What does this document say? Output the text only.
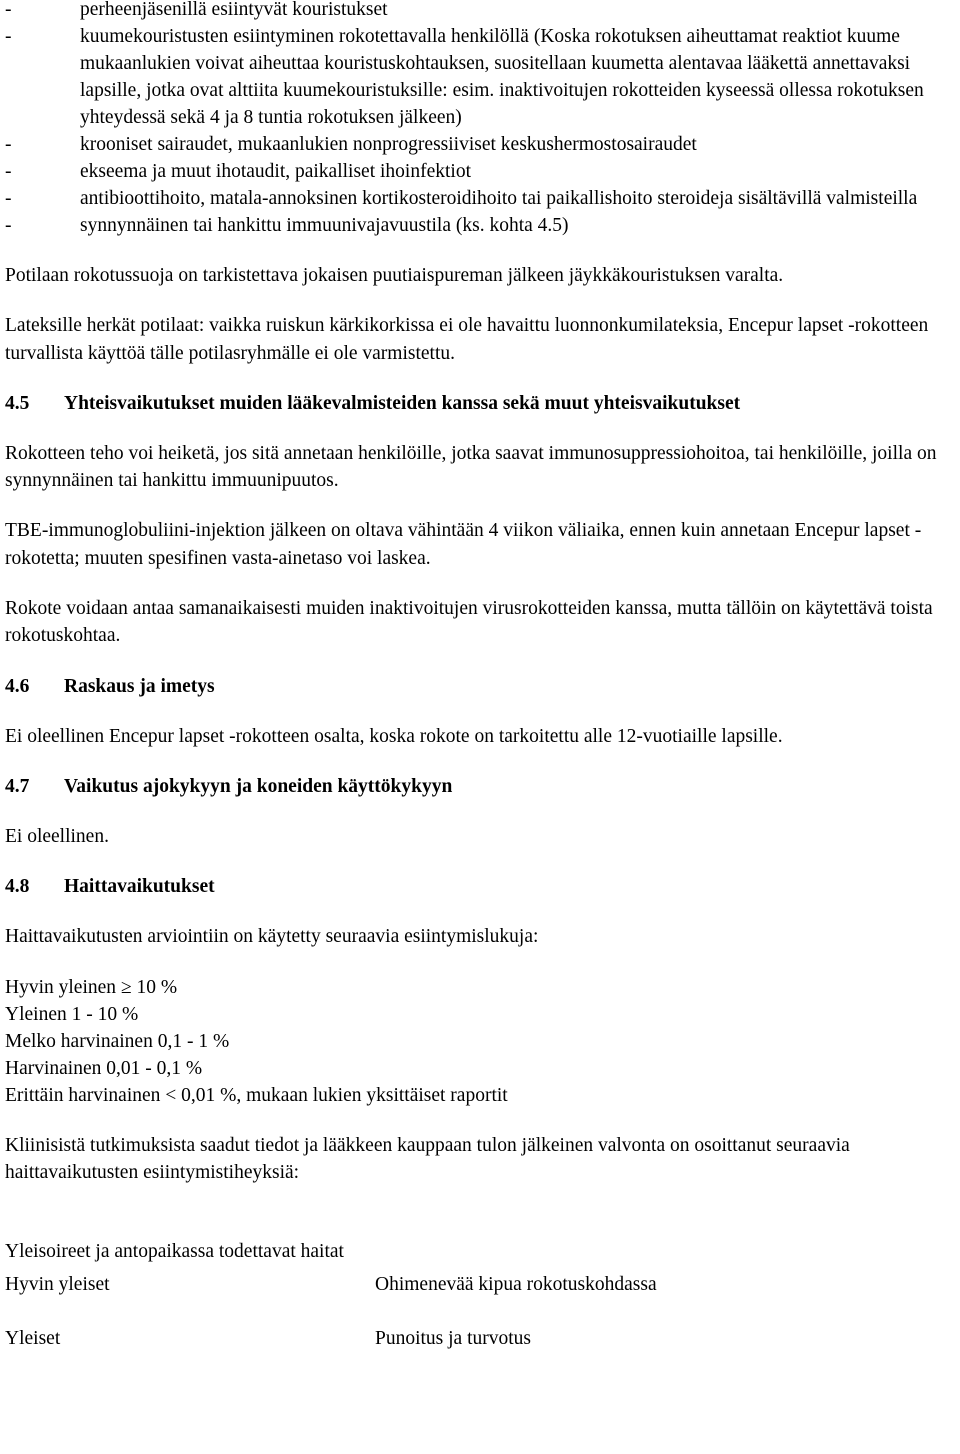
-	perheenjäsenillä esiintyvät kouristukset
-	kuumekouristusten esiintyminen rokotettavalla henkilöllä (Koska rokotuksen aiheuttamat reaktiot kuume mukaanlukien voivat aiheuttaa kouristuskohtauksen, suositellaan kuumetta alentavaa lääkettä annettavaksi lapsille, jotka ovat alttiita kuumekouristuksille: esim. inaktivoitujen rokotteiden kyseessä ollessa rokotuksen yhteydessä sekä 4 ja 8 tuntia rokotuksen jälkeen)
-	krooniset sairaudet, mukaanlukien nonprogressiiviset keskushermostosairaudet
-	ekseema ja muut ihotaudit, paikalliset ihoinfektiot
-	antibioottihoito, matala-annoksinen kortikosteroidihoito tai paikallishoito steroideja sisältävillä valmisteilla
-	synnynnäinen tai hankittu immuunivajavuustila (ks. kohta 4.5)

Potilaan rokotussuoja on tarkistettava jokaisen puutiaispureman jälkeen jäykkäkouristuksen varalta.

Lateksille herkät potilaat: vaikka ruiskun kärkikorkissa ei ole havaittu luonnonkumilateksia, Encepur lapset -rokotteen turvallista käyttöä tälle potilasryhmälle ei ole varmistettu.

4.5 Yhteisvaikutukset muiden lääkevalmisteiden kanssa sekä muut yhteisvaikutukset

Rokotteen teho voi heiketä, jos sitä annetaan henkilöille, jotka saavat immunosuppressiohoitoa, tai henkilöille, joilla on synnynnäinen tai hankittu immuunipuutos.

TBE-immunoglobuliini-injektion jälkeen on oltava vähintään 4 viikon väliaika, ennen kuin annetaan Encepur lapset -rokotetta; muuten spesifinen vasta-ainetaso voi laskea.

Rokote voidaan antaa samanaikaisesti muiden inaktivoitujen virusrokotteiden kanssa, mutta tällöin on käytettävä toista rokotuskohtaa.

4.6 Raskaus ja imetys

Ei oleellinen Encepur lapset -rokotteen osalta, koska rokote on tarkoitettu alle 12-vuotiaille lapsille.

4.7 Vaikutus ajokykyyn ja koneiden käyttökykyyn

Ei oleellinen.

4.8 Haittavaikutukset

Haittavaikutusten arviointiin on käytetty seuraavia esiintymislukuja:

Hyvin yleinen ≥ 10 %
Yleinen 1 - 10 %
Melko harvinainen 0,1 - 1 %
Harvinainen 0,01 - 0,1 %
Erittäin harvinainen < 0,01 %, mukaan lukien yksittäiset raportit

Kliinisistä tutkimuksista saadut tiedot ja lääkkeen kauppaan tulon jälkeinen valvonta on osoittanut seuraavia haittavaikutusten esiintymistiheyksiä:

Yleisoireet ja antopaikassa todettavat haitat
Hyvin yleiset	Ohimenevää kipua rokotuskohdassa
Yleiset	Punoitus ja turvotus
